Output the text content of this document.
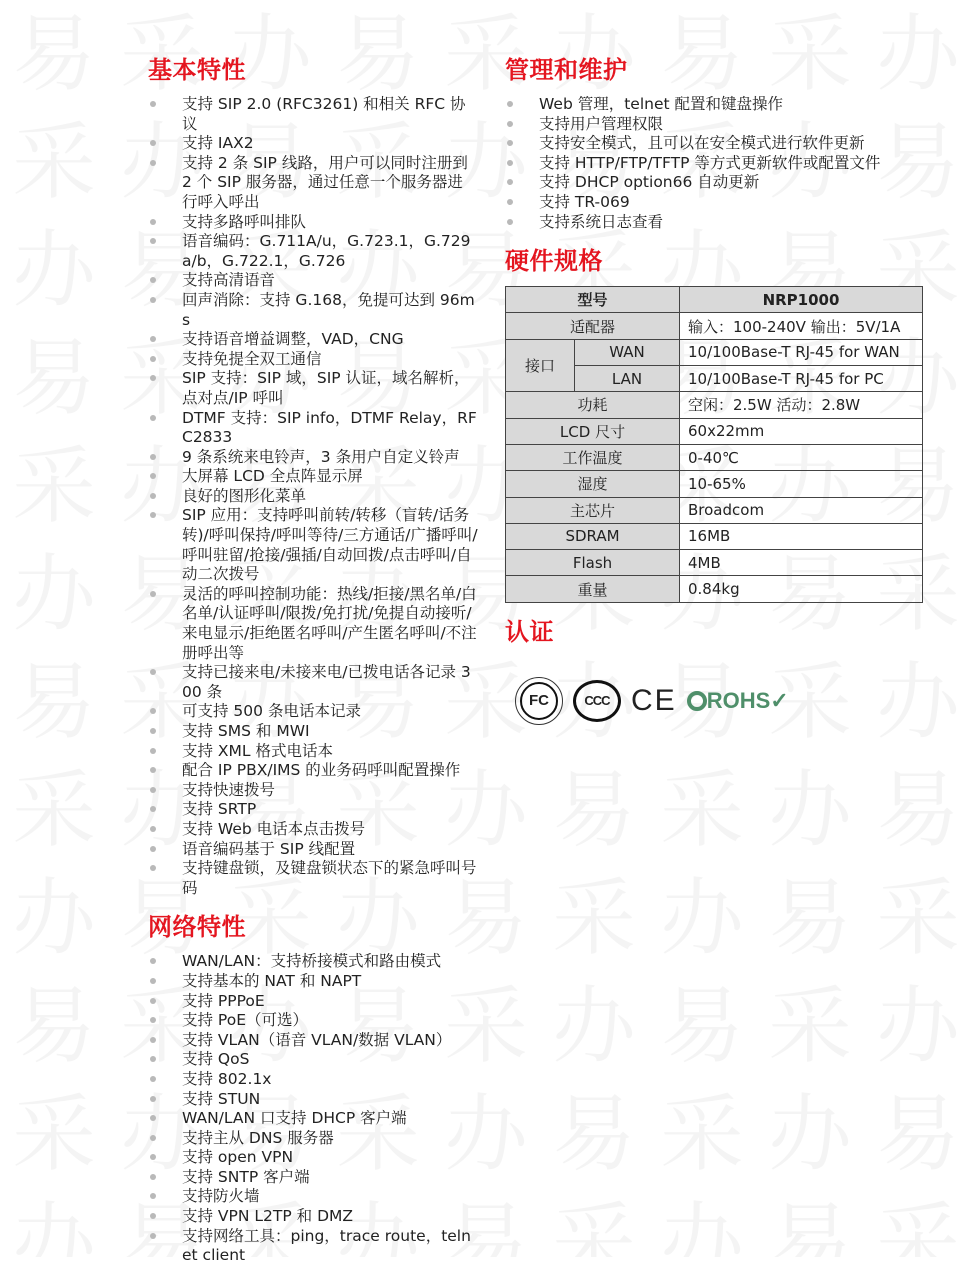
基本特性
支持 SIP 2.0 (RFC3261) 和相关 RFC 协议
支持 IAX2
支持 2 条 SIP 线路，用户可以同时注册到 2 个 SIP 服务器，通过任意一个服务器进行呼入呼出
支持多路呼叫排队
语音编码：G.711A/u，G.723.1，G.729a/b，G.722.1，G.726
支持高清语音
回声消除：支持 G.168，免提可达到 96ms
支持语音增益调整，VAD，CNG
支持免提全双工通信
SIP 支持：SIP 域，SIP 认证，域名解析，点对点/IP 呼叫
DTMF 支持：SIP info，DTMF Relay，RFC2833
9 条系统来电铃声，3 条用户自定义铃声
大屏幕 LCD 全点阵显示屏
良好的图形化菜单
SIP 应用：支持呼叫前转/转移（盲转/话务转)/呼叫保持/呼叫等待/三方通话/广播呼叫/呼叫驻留/抢接/强插/自动回拨/点击呼叫/自动二次拨号
灵活的呼叫控制功能：热线/拒接/黑名单/白名单/认证呼叫/限拨/免打扰/免提自动接听/来电显示/拒绝匿名呼叫/产生匿名呼叫/不注册呼出等
支持已接来电/未接来电/已拨电话各记录 300 条
可支持 500 条电话本记录
支持 SMS 和 MWI
支持 XML 格式电话本
配合 IP PBX/IMS 的业务码呼叫配置操作
支持快速拨号
支持 SRTP
支持 Web 电话本点击拨号
语音编码基于 SIP 线配置
支持键盘锁，及键盘锁状态下的紧急呼叫号码
网络特性
WAN/LAN：支持桥接模式和路由模式
支持基本的 NAT 和 NAPT
支持 PPPoE
支持 PoE（可选）
支持 VLAN（语音 VLAN/数据 VLAN）
支持 QoS
支持 802.1x
支持 STUN
WAN/LAN 口支持 DHCP 客户端
支持主从 DNS 服务器
支持 open VPN
支持 SNTP 客户端
支持防火墙
支持 VPN L2TP 和 DMZ
支持网络工具：ping，trace route，telnet client
管理和维护
Web 管理，telnet 配置和键盘操作
支持用户管理权限
支持安全模式，且可以在安全模式进行软件更新
支持 HTTP/FTP/TFTP 等方式更新软件或配置文件
支持 DHCP option66 自动更新
支持 TR-069
支持系统日志查看
硬件规格
型号		NRP1000
适配器		输入：100-240V 输出：5V/1A
接口	WAN	10/100Base-T RJ-45 for WAN
	LAN	10/100Base-T RJ-45 for PC
功耗		空闲：2.5W 活动：2.8W
LCD 尺寸		60x22mm
工作温度		0-40℃
湿度		10-65%
主芯片		Broadcom
SDRAM		16MB
Flash		4MB
重量		0.84kg
认证
FC	CCC CE	ROHS✓
